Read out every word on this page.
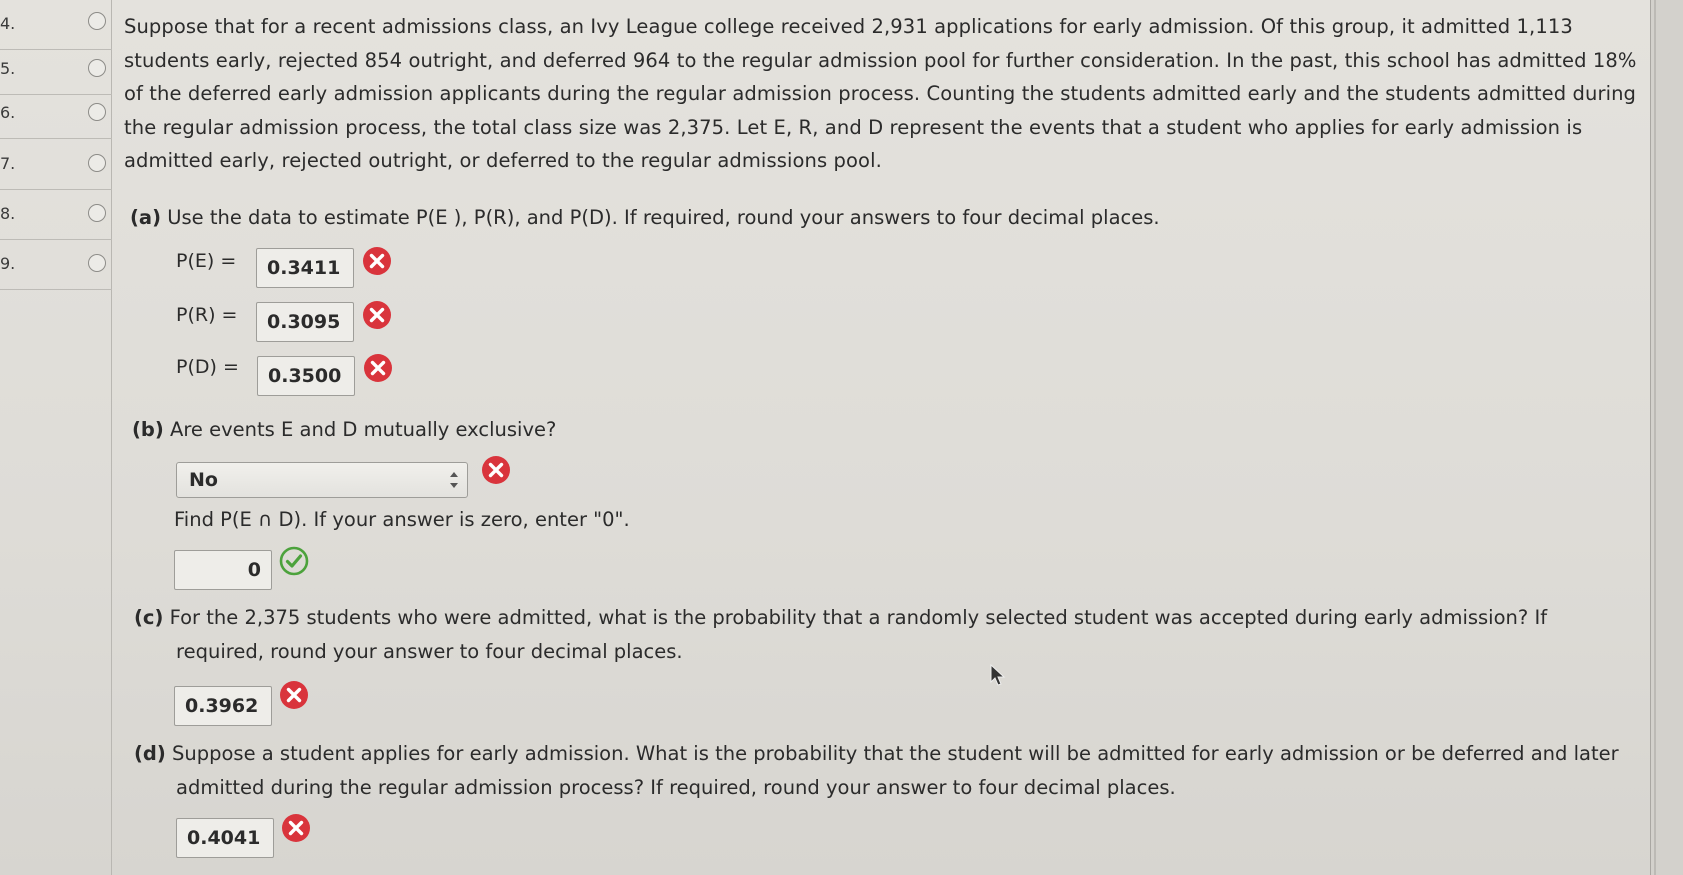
4.
5.
6.
7.
8.
9.
Suppose that for a recent admissions class, an Ivy League college received 2,931 applications for early admission. Of this group, it admitted 1,113
students early, rejected 854 outright, and deferred 964 to the regular admission pool for further consideration. In the past, this school has admitted 18%
of the deferred early admission applicants during the regular admission process. Counting the students admitted early and the students admitted during
the regular admission process, the total class size was 2,375. Let E, R, and D represent the events that a student who applies for early admission is
admitted early, rejected outright, or deferred to the regular admissions pool.
(a) Use the data to estimate P(E ), P(R), and P(D). If required, round your answers to four decimal places.
P(E) =	0.3411
P(R) =	0.3095
P(D) =	0.3500
(b) Are events E and D mutually exclusive?
No
Find P(E ∩ D). If your answer is zero, enter "0".
0
(c) For the 2,375 students who were admitted, what is the probability that a randomly selected student was accepted during early admission? If
required, round your answer to four decimal places.
0.3962
(d) Suppose a student applies for early admission. What is the probability that the student will be admitted for early admission or be deferred and later
admitted during the regular admission process? If required, round your answer to four decimal places.
0.4041
